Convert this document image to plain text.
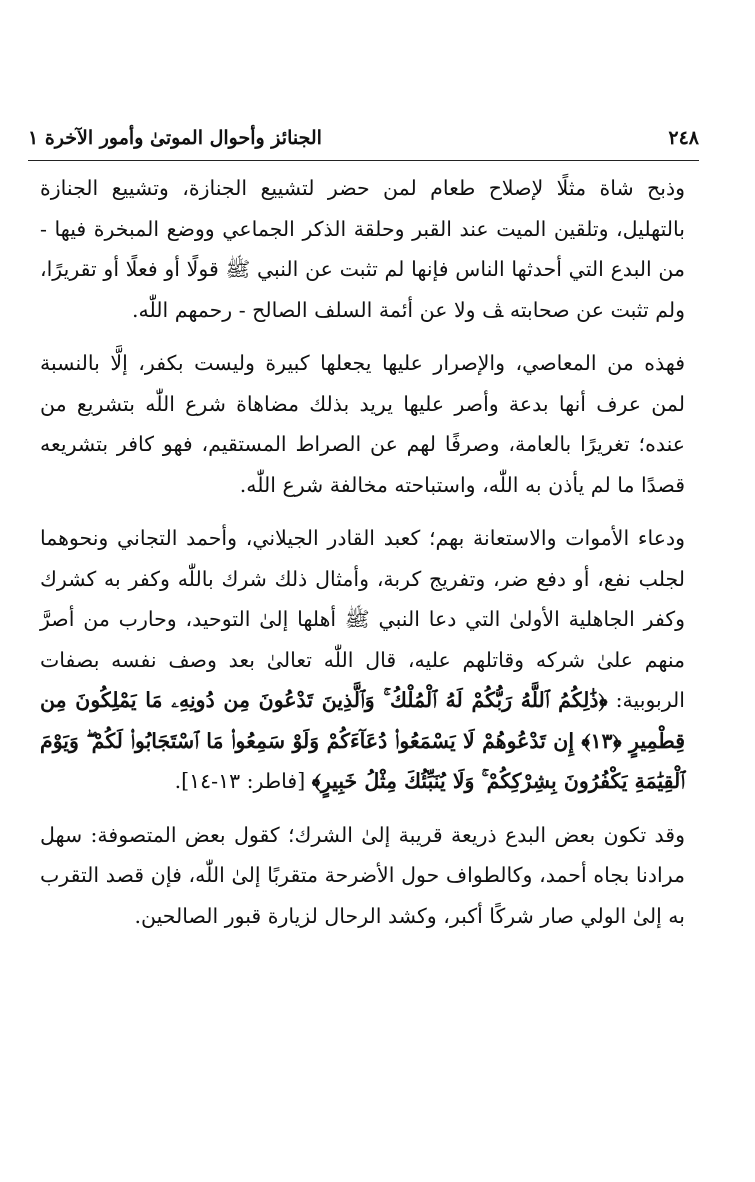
٢٤٨
الجنائز وأحوال الموتىٰ وأمور الآخرة ١

وذبح شاة مثلًا لإصلاح طعام لمن حضر لتشييع الجنازة، وتشييع الجنازة بالتهليل، وتلقين الميت عند القبر وحلقة الذكر الجماعي ووضع المبخرة فيها - من البدع التي أحدثها الناس فإنها لم تثبت عن النبي ﷺ قولًا أو فعلًا أو تقريرًا، ولم تثبت عن صحابته ﭫ ولا عن أئمة السلف الصالح - رحمهم اللّٰه.

فهذه من المعاصي، والإصرار عليها يجعلها كبيرة وليست بكفر، إلَّا بالنسبة لمن عرف أنها بدعة وأصر عليها يريد بذلك مضاهاة شرع اللّٰه بتشريع من عنده؛ تغريرًا بالعامة، وصرفًا لهم عن الصراط المستقيم، فهو كافر بتشريعه قصدًا ما لم يأذن به اللّٰه، واستباحته مخالفة شرع اللّٰه.

ودعاء الأموات والاستعانة بهم؛ كعبد القادر الجيلاني، وأحمد التجاني ونحوهما لجلب نفع، أو دفع ضر، وتفريج كربة، وأمثال ذلك شرك باللّٰه وكفر به كشرك وكفر الجاهلية الأولىٰ التي دعا النبي ﷺ أهلها إلىٰ التوحيد، وحارب من أصرَّ منهم علىٰ شركه وقاتلهم عليه، قال اللّٰه تعالىٰ بعد وصف نفسه بصفات الربوبية: ﴿ذَٰلِكُمُ ٱللَّهُ رَبُّكُمْ لَهُ ٱلْمُلْكُ ۚ وَٱلَّذِينَ تَدْعُونَ مِن دُونِهِۦ مَا يَمْلِكُونَ مِن قِطْمِيرٍ ﴿١٣﴾ إِن تَدْعُوهُمْ لَا يَسْمَعُوا۟ دُعَآءَكُمْ وَلَوْ سَمِعُوا۟ مَا ٱسْتَجَابُوا۟ لَكُمْ ۖ وَيَوْمَ ٱلْقِيَٰمَةِ يَكْفُرُونَ بِشِرْكِكُمْ ۚ وَلَا يُنَبِّئُكَ مِثْلُ خَبِيرٍ﴾ [فاطر: ١٣-١٤].

وقد تكون بعض البدع ذريعة قريبة إلىٰ الشرك؛ كقول بعض المتصوفة: سهل مرادنا بجاه أحمد، وكالطواف حول الأضرحة متقربًا إلىٰ اللّٰه، فإن قصد التقرب به إلىٰ الولي صار شركًا أكبر، وكشد الرحال لزيارة قبور الصالحين.
